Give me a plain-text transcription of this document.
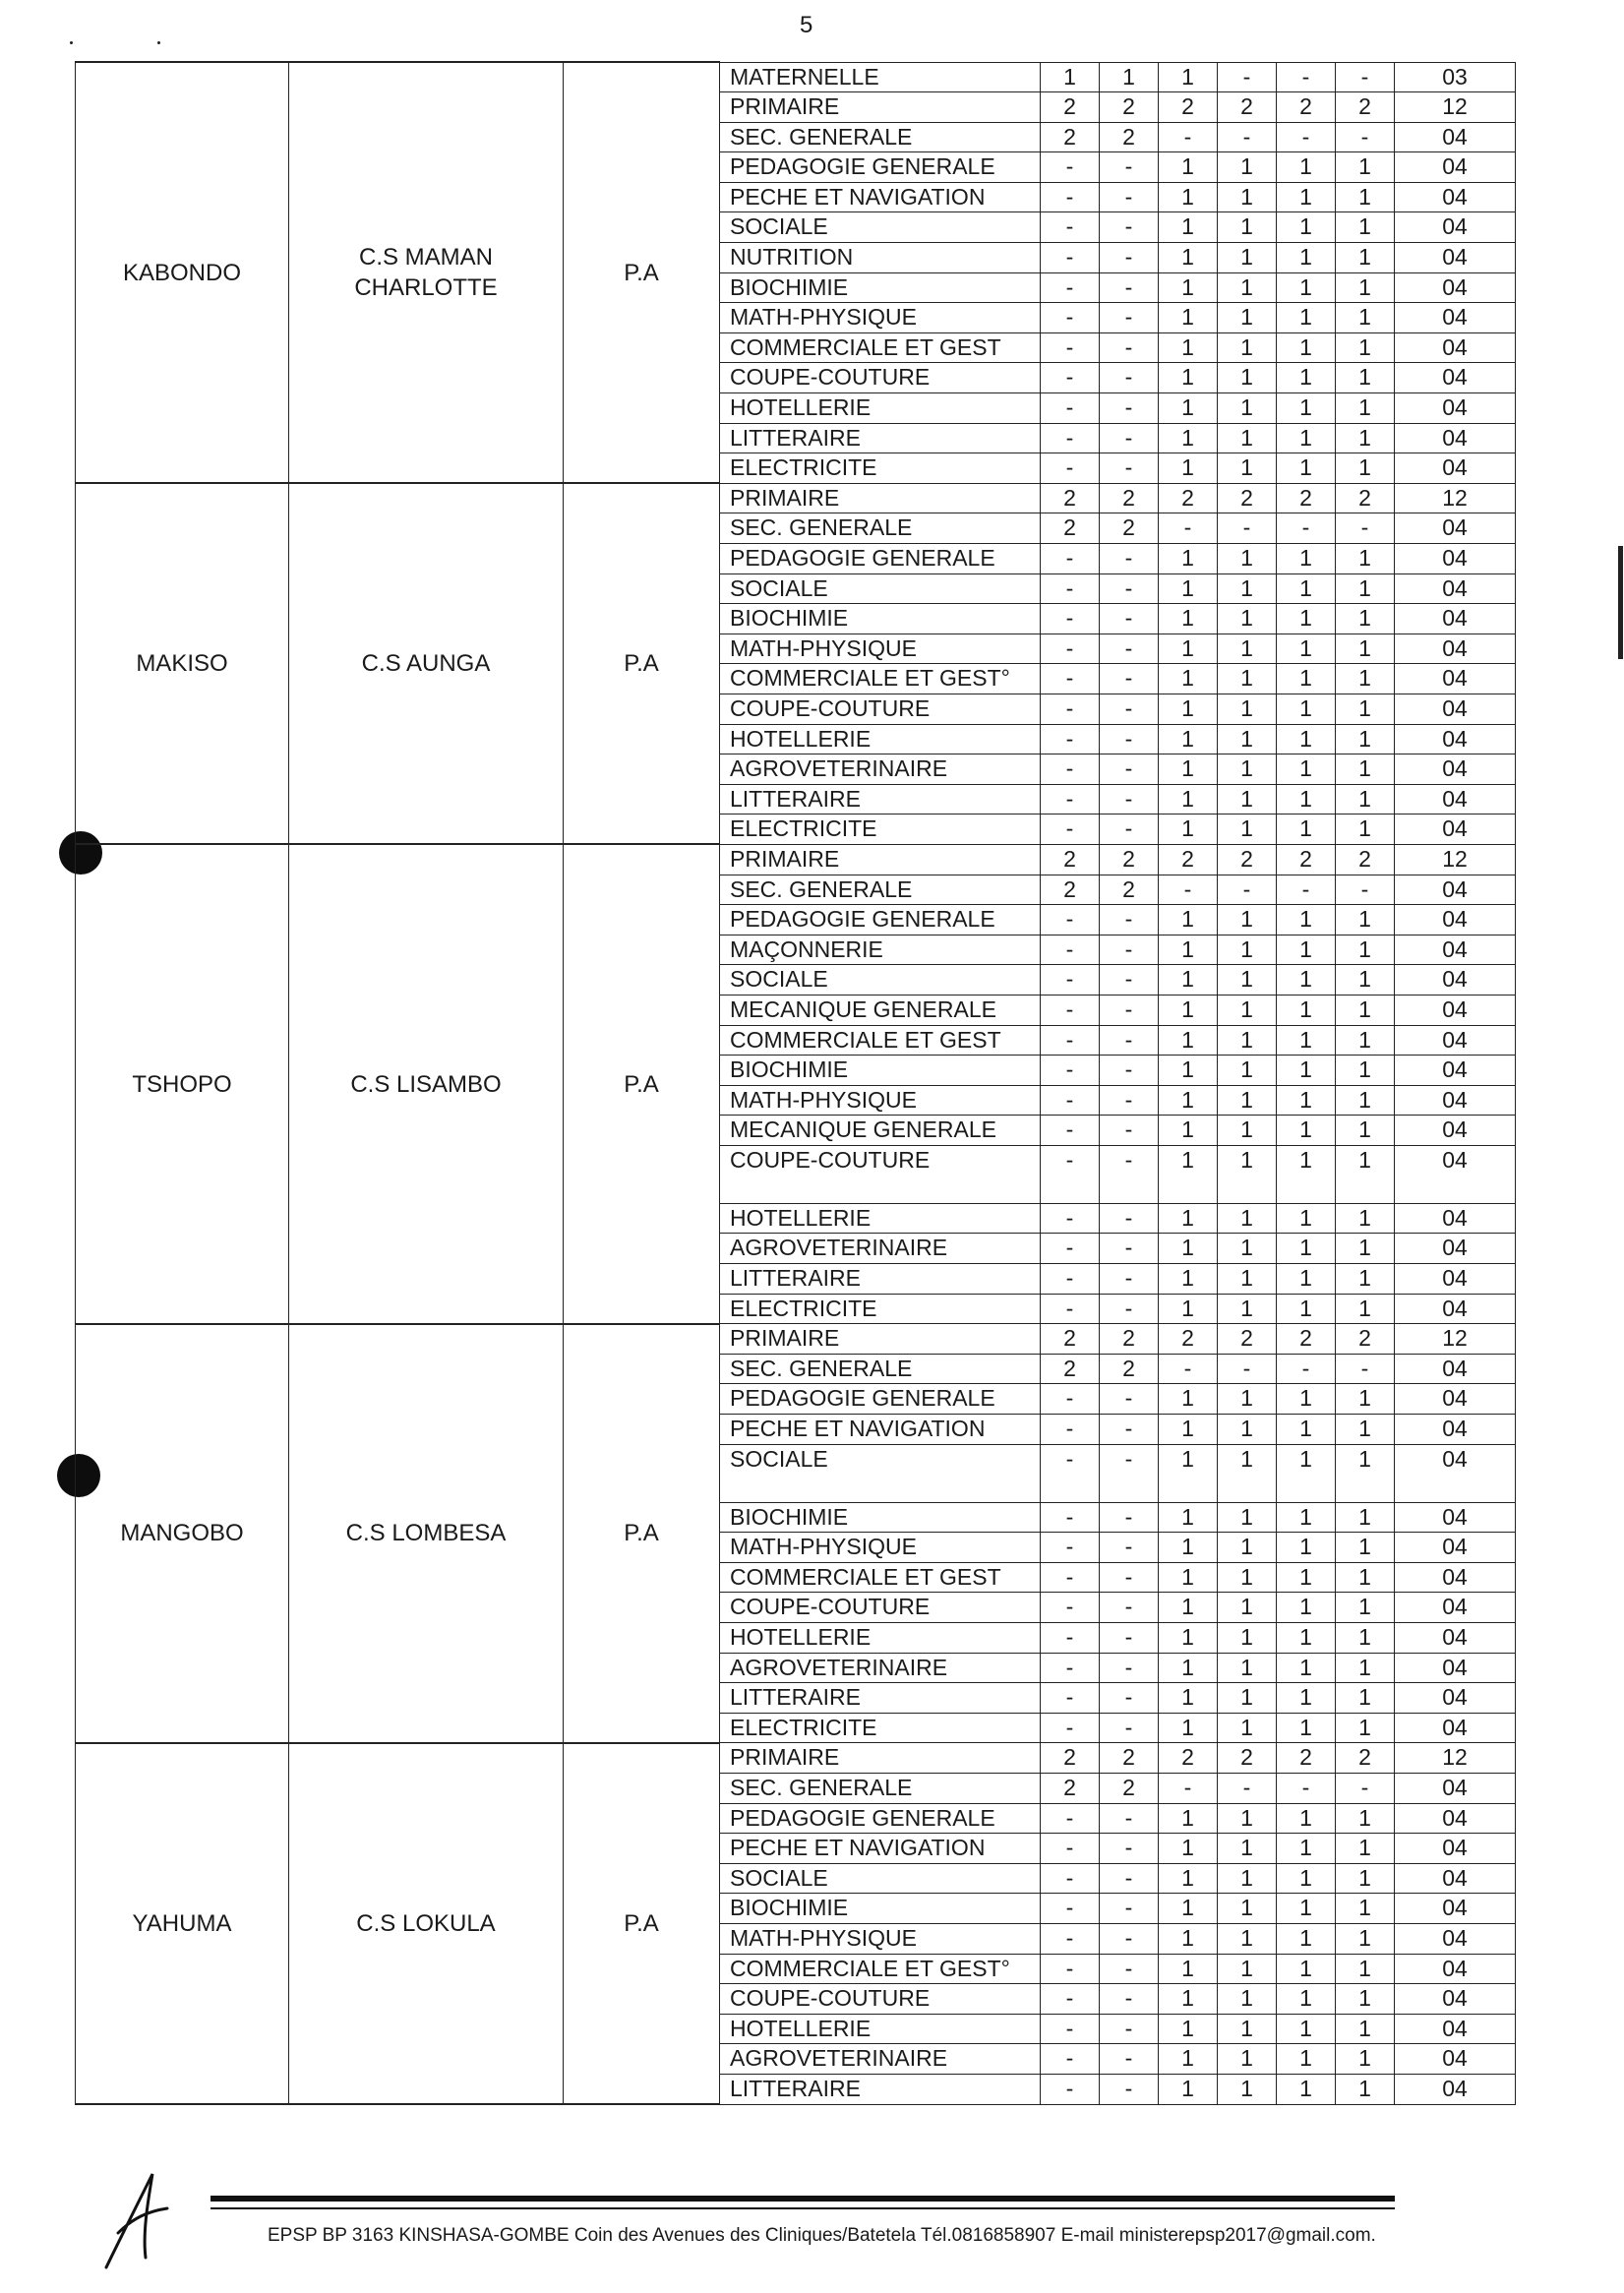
5
KABONDO	C.S MAMAN CHARLOTTE	P.A	MATERNELLE	1	1	1	-	-	-	03
			PRIMAIRE	2	2	2	2	2	2	12
			SEC. GENERALE	2	2	-	-	-	-	04
			PEDAGOGIE GENERALE	-	-	1	1	1	1	04
			PECHE ET NAVIGATION	-	-	1	1	1	1	04
			SOCIALE	-	-	1	1	1	1	04
			NUTRITION	-	-	1	1	1	1	04
			BIOCHIMIE	-	-	1	1	1	1	04
			MATH-PHYSIQUE	-	-	1	1	1	1	04
			COMMERCIALE ET GEST	-	-	1	1	1	1	04
			COUPE-COUTURE	-	-	1	1	1	1	04
			HOTELLERIE	-	-	1	1	1	1	04
			LITTERAIRE	-	-	1	1	1	1	04
			ELECTRICITE	-	-	1	1	1	1	04
MAKISO	C.S AUNGA	P.A	PRIMAIRE	2	2	2	2	2	2	12
			SEC. GENERALE	2	2	-	-	-	-	04
			PEDAGOGIE GENERALE	-	-	1	1	1	1	04
			SOCIALE	-	-	1	1	1	1	04
			BIOCHIMIE	-	-	1	1	1	1	04
			MATH-PHYSIQUE	-	-	1	1	1	1	04
			COMMERCIALE ET GEST°	-	-	1	1	1	1	04
			COUPE-COUTURE	-	-	1	1	1	1	04
			HOTELLERIE	-	-	1	1	1	1	04
			AGROVETERINAIRE	-	-	1	1	1	1	04
			LITTERAIRE	-	-	1	1	1	1	04
			ELECTRICITE	-	-	1	1	1	1	04
TSHOPO	C.S LISAMBO	P.A	PRIMAIRE	2	2	2	2	2	2	12
			SEC. GENERALE	2	2	-	-	-	-	04
			PEDAGOGIE GENERALE	-	-	1	1	1	1	04
			MAÇONNERIE	-	-	1	1	1	1	04
			SOCIALE	-	-	1	1	1	1	04
			MECANIQUE GENERALE	-	-	1	1	1	1	04
			COMMERCIALE ET GEST	-	-	1	1	1	1	04
			BIOCHIMIE	-	-	1	1	1	1	04
			MATH-PHYSIQUE	-	-	1	1	1	1	04
			MECANIQUE GENERALE	-	-	1	1	1	1	04
			COUPE-COUTURE	-	-	1	1	1	1	04
			HOTELLERIE	-	-	1	1	1	1	04
			AGROVETERINAIRE	-	-	1	1	1	1	04
			LITTERAIRE	-	-	1	1	1	1	04
			ELECTRICITE	-	-	1	1	1	1	04
MANGOBO	C.S LOMBESA	P.A	PRIMAIRE	2	2	2	2	2	2	12
			SEC. GENERALE	2	2	-	-	-	-	04
			PEDAGOGIE GENERALE	-	-	1	1	1	1	04
			PECHE ET NAVIGATION	-	-	1	1	1	1	04
			SOCIALE	-	-	1	1	1	1	04
			BIOCHIMIE	-	-	1	1	1	1	04
			MATH-PHYSIQUE	-	-	1	1	1	1	04
			COMMERCIALE ET GEST	-	-	1	1	1	1	04
			COUPE-COUTURE	-	-	1	1	1	1	04
			HOTELLERIE	-	-	1	1	1	1	04
			AGROVETERINAIRE	-	-	1	1	1	1	04
			LITTERAIRE	-	-	1	1	1	1	04
			ELECTRICITE	-	-	1	1	1	1	04
YAHUMA	C.S LOKULA	P.A	PRIMAIRE	2	2	2	2	2	2	12
			SEC. GENERALE	2	2	-	-	-	-	04
			PEDAGOGIE GENERALE	-	-	1	1	1	1	04
			PECHE ET NAVIGATION	-	-	1	1	1	1	04
			SOCIALE	-	-	1	1	1	1	04
			BIOCHIMIE	-	-	1	1	1	1	04
			MATH-PHYSIQUE	-	-	1	1	1	1	04
			COMMERCIALE ET GEST°	-	-	1	1	1	1	04
			COUPE-COUTURE	-	-	1	1	1	1	04
			HOTELLERIE	-	-	1	1	1	1	04
			AGROVETERINAIRE	-	-	1	1	1	1	04
			LITTERAIRE	-	-	1	1	1	1	04
EPSP BP 3163 KINSHASA-GOMBE Coin des Avenues des Cliniques/Batetela Tél.0816858907 E-mail ministerepsp2017@gmail.com.
